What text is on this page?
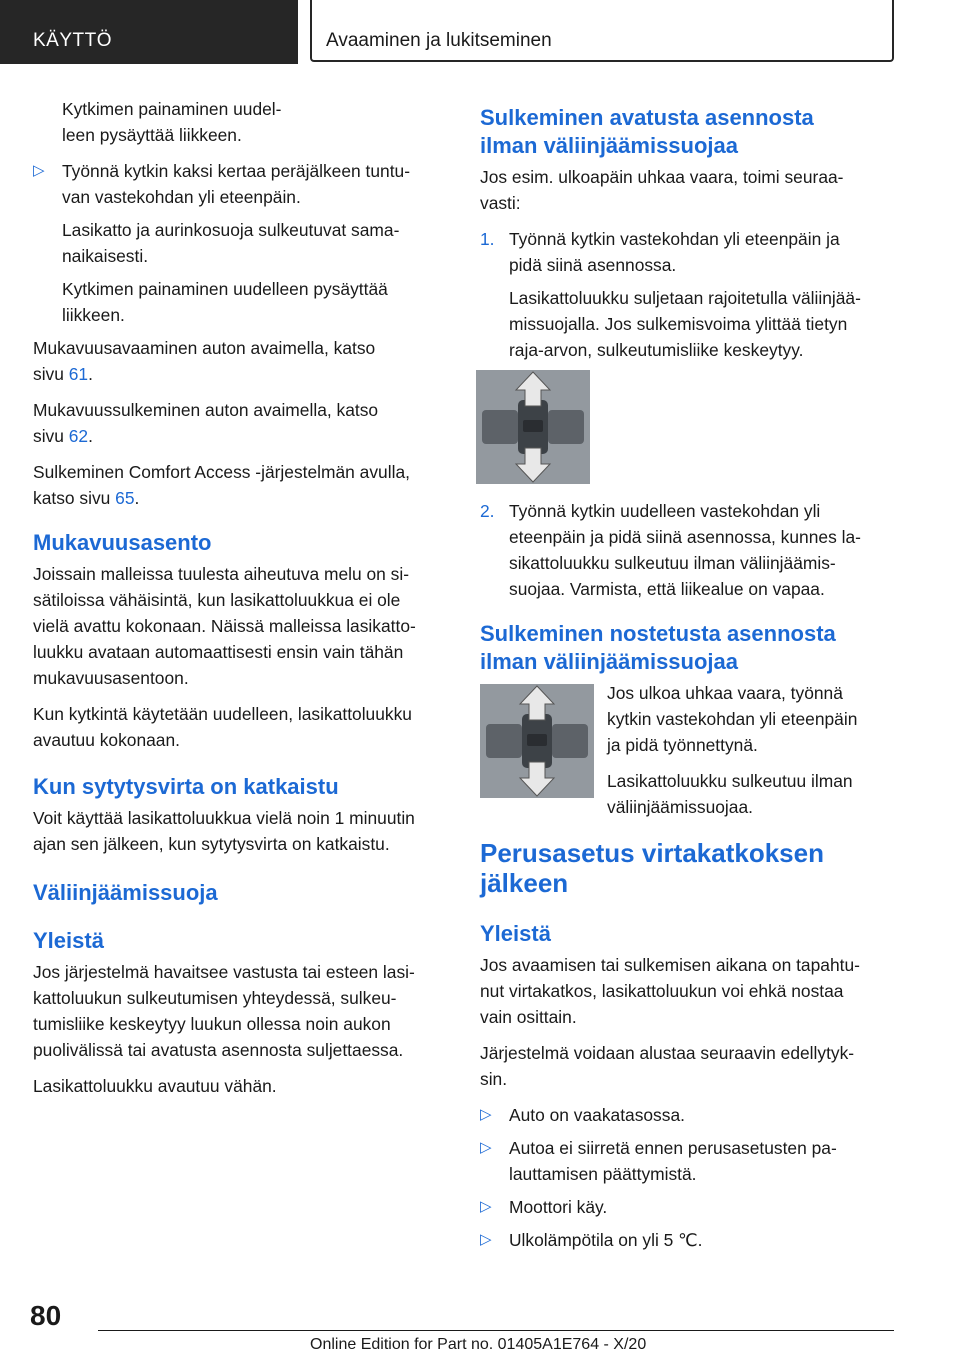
KÄYTTÖ	Avaaminen ja lukitseminen

Kytkimen painaminen uudel-
leen pysäyttää liikkeen.

▷ Työnnä kytkin kaksi kertaa peräjälkeen tuntu-
van vastekohdan yli eteenpäin.

Lasikatto ja aurinkosuoja sulkeutuvat sama-
naikaisesti.

Kytkimen painaminen uudelleen pysäyttää
liikkeen.

Mukavuusavaaminen auton avaimella, katso
sivu 61.

Mukavuussulkeminen auton avaimella, katso
sivu 62.

Sulkeminen Comfort Access -järjestelmän avulla,
katso sivu 65.

Mukavuusasento

Joissain malleissa tuulesta aiheutuva melu on si-
sätiloissa vähäisintä, kun lasikattoluukkua ei ole
vielä avattu kokonaan. Näissä malleissa lasikatto-
luukku avataan automaattisesti ensin vain tähän
mukavuusasentoon.

Kun kytkintä käytetään uudelleen, lasikattoluukku
avautuu kokonaan.

Kun sytytysvirta on katkaistu

Voit käyttää lasikattoluukkua vielä noin 1 minuutin
ajan sen jälkeen, kun sytytysvirta on katkaistu.

Väliinjäämissuoja
Yleistä

Jos järjestelmä havaitsee vastusta tai esteen lasi-
kattoluukun sulkeutumisen yhteydessä, sulkeu-
tumisliike keskeytyy luukun ollessa noin aukon
puolivälissä tai avatusta asennosta suljettaessa.

Lasikattoluukku avautuu vähän.

Sulkeminen avatusta asennosta
ilman väliinjäämissuojaa

Jos esim. ulkoapäin uhkaa vaara, toimi seuraa-
vasti:

1. Työnnä kytkin vastekohdan yli eteenpäin ja
pidä siinä asennossa.

Lasikattoluukku suljetaan rajoitetulla väliinjää-
missuojalla. Jos sulkemisvoima ylittää tietyn
raja-arvon, sulkeutumisliike keskeytyy.

2. Työnnä kytkin uudelleen vastekohdan yli
eteenpäin ja pidä siinä asennossa, kunnes la-
sikattoluukku sulkeutuu ilman väliinjäämis-
suojaa. Varmista, että liikealue on vapaa.
Sulkeminen nostetusta asennosta
ilman väliinjäämissuojaa

Jos ulkoa uhkaa vaara, työnnä
kytkin vastekohdan yli eteenpäin
ja pidä työnnettynä.

Lasikattoluukku sulkeutuu ilman
väliinjäämissuojaa.

Perusasetus virtakatkoksen
jälkeen
Yleistä

Jos avaamisen tai sulkemisen aikana on tapahtu-
nut virtakatkos, lasikattoluukun voi ehkä nostaa
vain osittain.

Järjestelmä voidaan alustaa seuraavin edellytyk-
sin.

▷ Auto on vaakatasossa.
▷ Autoa ei siirretä ennen perusasetusten pa-
lauttamisen päättymistä.
▷ Moottori käy.
▷ Ulkolämpötila on yli 5 ℃.
80
Online Edition for Part no. 01405A1E764 - X/20
